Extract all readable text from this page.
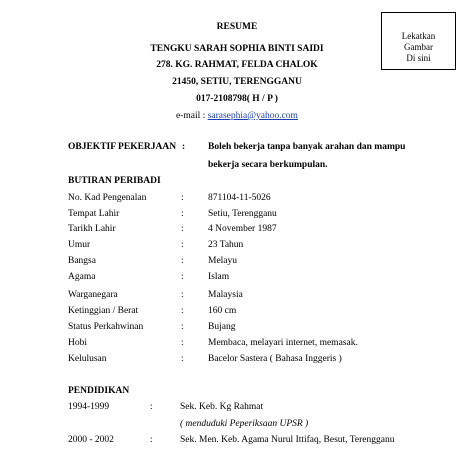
RESUME
TENGKU SARAH SOPHIA BINTI SAIDI
278. KG. RAHMAT, FELDA CHALOK
21450, SETIU, TERENGGANU
017-2108798( H / P )
e-mail : sarasephia@yahoo.com
Lekatkan
Gambar
Di sini
OBJEKTIF PEKERJAAN : Boleh bekerja tanpa banyak arahan dan mampu
bekerja secara berkumpulan.
BUTIRAN PERIBADI
No. Kad Pengenalan	:	871104-11-5026
Tempat Lahir	:	Setiu, Terengganu
Tarikh Lahir	:	4 November 1987
Umur	:	23 Tahun
Bangsa	:	Melayu
Agama	:	Islam
Warganegara	:	Malaysia
Ketinggian / Berat	:	160 cm
Status Perkahwinan	:	Bujang
Hobi	:	Membaca, melayari internet, memasak.
Kelulusan	:	Bacelor Sastera ( Bahasa Inggeris )
PENDIDIKAN
1994-1999	:	Sek. Keb. Kg Rahmat
( menduduki Peperiksaan UPSR )
2000 - 2002	:	Sek. Men. Keb. Agama Nurul Ittifaq, Besut, Terengganu
